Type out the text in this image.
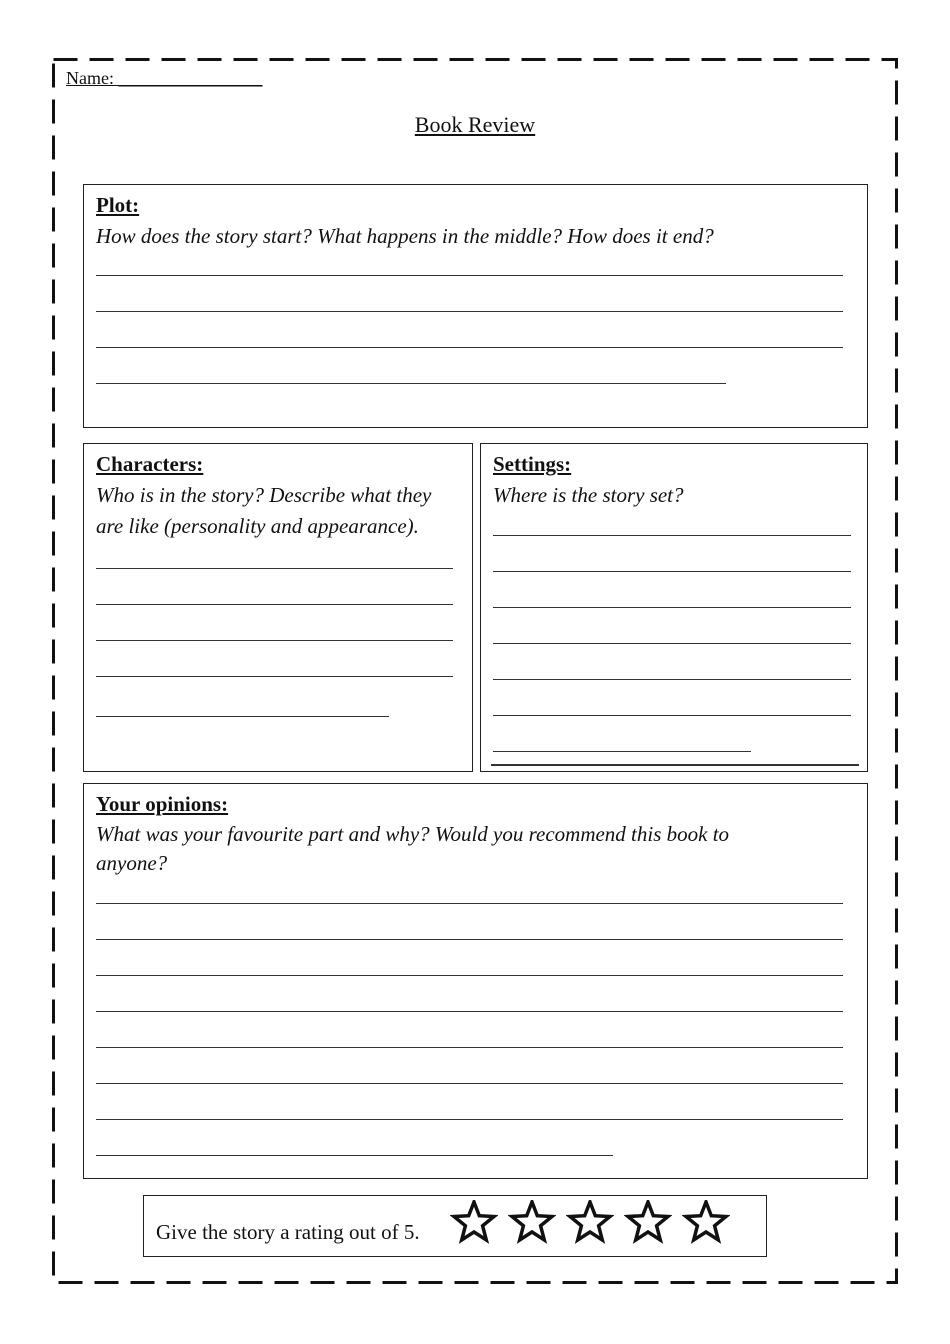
Name: ________________
Book Review
Plot:
How does the story start? What happens in the middle? How does it end?
Characters:
Who is in the story? Describe what they
are like (personality and appearance).
Settings:
Where is the story set?
Your opinions:
What was your favourite part and why? Would you recommend this book to
anyone?
Give the story a rating out of 5.
